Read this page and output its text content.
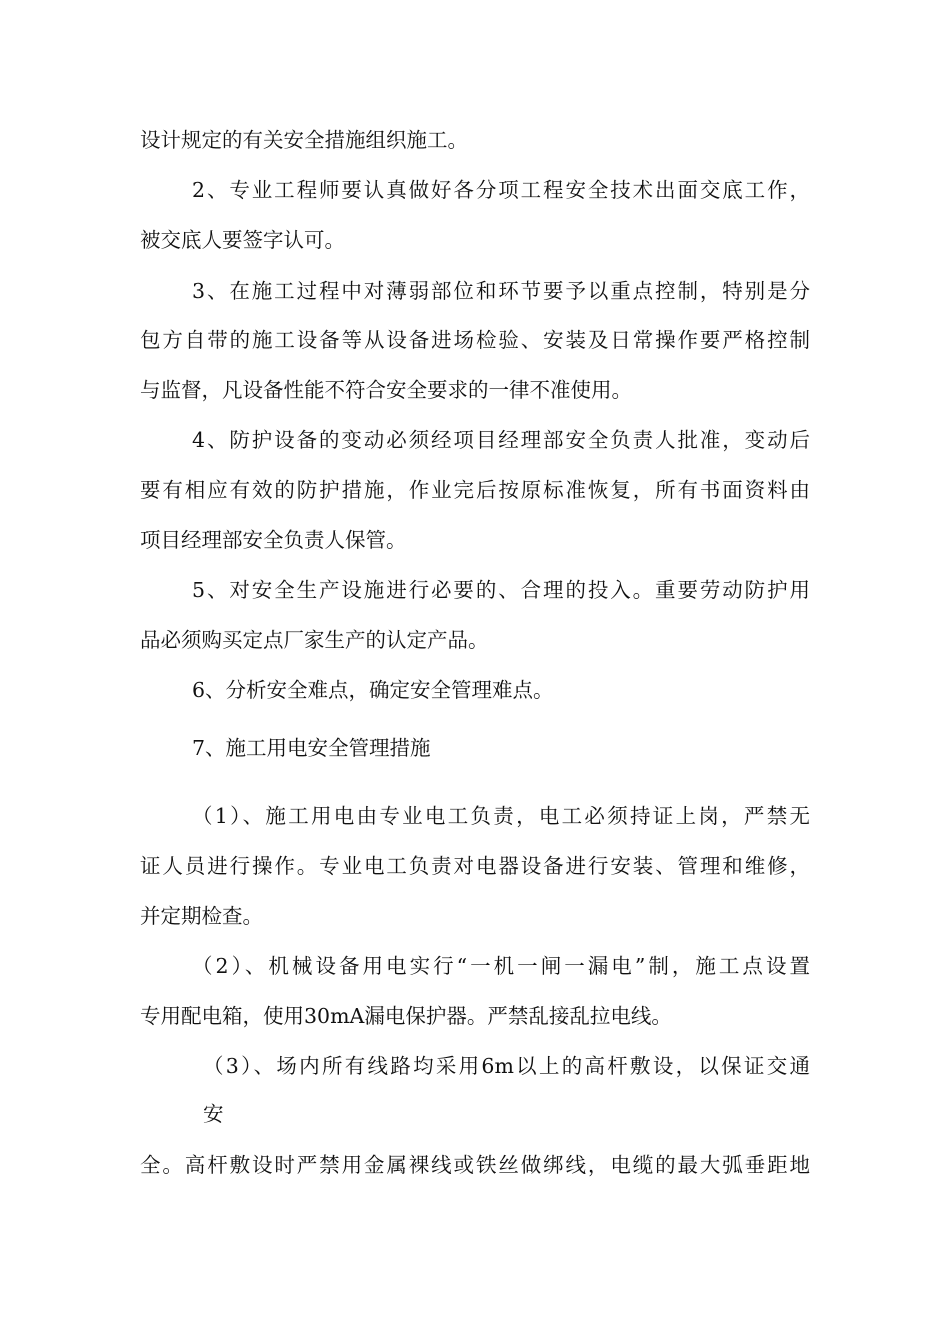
设计规定的有关安全措施组织施工。
2、专业工程师要认真做好各分项工程安全技术出面交底工作，
被交底人要签字认可。
3、在施工过程中对薄弱部位和环节要予以重点控制，特别是分
包方自带的施工设备等从设备进场检验、安装及日常操作要严格控制
与监督，凡设备性能不符合安全要求的一律不准使用。
4、防护设备的变动必须经项目经理部安全负责人批准，变动后
要有相应有效的防护措施，作业完后按原标准恢复，所有书面资料由
项目经理部安全负责人保管。
5、对安全生产设施进行必要的、合理的投入。重要劳动防护用
品必须购买定点厂家生产的认定产品。
6、分析安全难点，确定安全管理难点。
7、施工用电安全管理措施
（1）、施工用电由专业电工负责，电工必须持证上岗，严禁无
证人员进行操作。专业电工负责对电器设备进行安装、管理和维修，
并定期检查。
（2）、机械设备用电实行“一机一闸一漏电”制，施工点设置
专用配电箱，使用30mA漏电保护器。严禁乱接乱拉电线。
（3）、场内所有线路均采用6m以上的高杆敷设，以保证交通
安
全。高杆敷设时严禁用金属裸线或铁丝做绑线，电缆的最大弧垂距地
